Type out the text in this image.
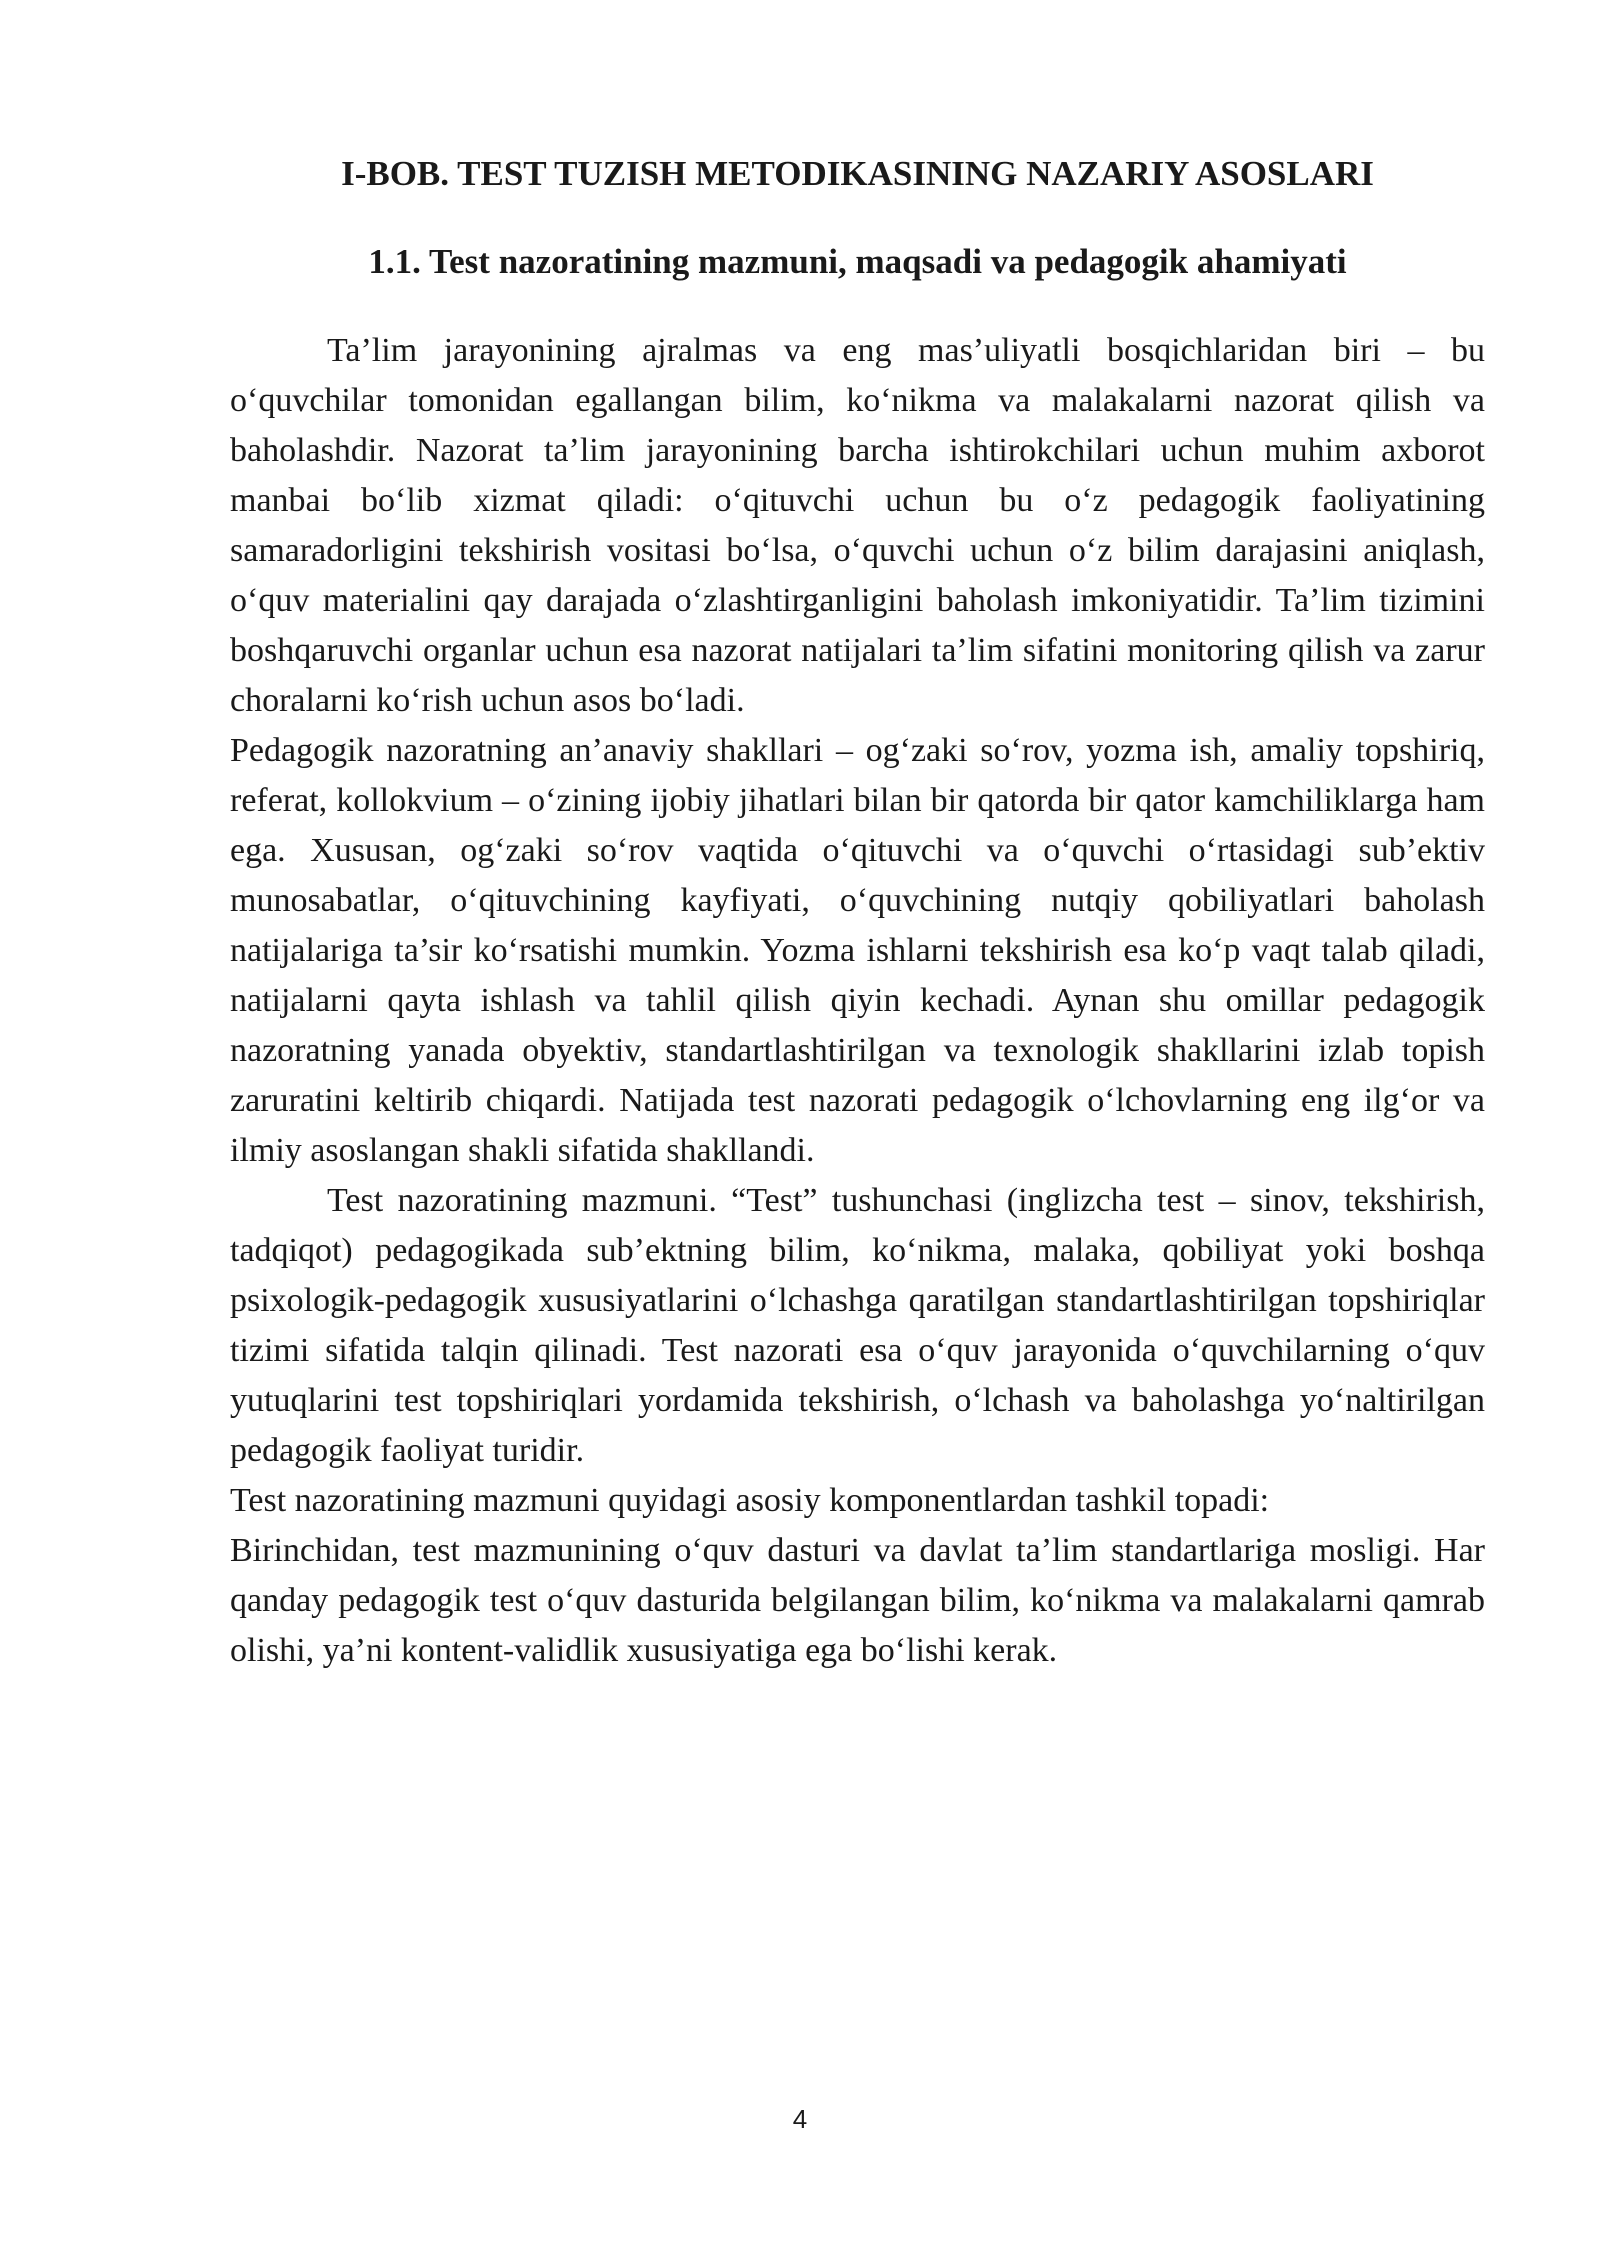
I-BOB. TEST TUZISH METODIKASINING NAZARIY ASOSLARI
1.1. Test nazoratining mazmuni, maqsadi va pedagogik ahamiyati

Ta’lim jarayonining ajralmas va eng mas’uliyatli bosqichlaridan biri – bu o‘quvchilar tomonidan egallangan bilim, ko‘nikma va malakalarni nazorat qilish va baholashdir. Nazorat ta’lim jarayonining barcha ishtirokchilari uchun muhim axborot manbai bo‘lib xizmat qiladi: o‘qituvchi uchun bu o‘z pedagogik faoliyatining samaradorligini tekshirish vositasi bo‘lsa, o‘quvchi uchun o‘z bilim darajasini aniqlash, o‘quv materialini qay darajada o‘zlashtirganligini baholash imkoniyatidir. Ta’lim tizimini boshqaruvchi organlar uchun esa nazorat natijalari ta’lim sifatini monitoring qilish va zarur choralarni ko‘rish uchun asos bo‘ladi.

Pedagogik nazoratning an’anaviy shakllari – og‘zaki so‘rov, yozma ish, amaliy topshiriq, referat, kollokvium – o‘zining ijobiy jihatlari bilan bir qatorda bir qator kamchiliklarga ham ega. Xususan, og‘zaki so‘rov vaqtida o‘qituvchi va o‘quvchi o‘rtasidagi sub’ektiv munosabatlar, o‘qituvchining kayfiyati, o‘quvchining nutqiy qobiliyatlari baholash natijalariga ta’sir ko‘rsatishi mumkin. Yozma ishlarni tekshirish esa ko‘p vaqt talab qiladi, natijalarni qayta ishlash va tahlil qilish qiyin kechadi. Aynan shu omillar pedagogik nazoratning yanada obyektiv, standartlashtirilgan va texnologik shakllarini izlab topish zaruratini keltirib chiqardi. Natijada test nazorati pedagogik o‘lchovlarning eng ilg‘or va ilmiy asoslangan shakli sifatida shakllandi.

Test nazoratining mazmuni. “Test” tushunchasi (inglizcha test – sinov, tekshirish, tadqiqot) pedagogikada sub’ektning bilim, ko‘nikma, malaka, qobiliyat yoki boshqa psixologik-pedagogik xususiyatlarini o‘lchashga qaratilgan standartlashtirilgan topshiriqlar tizimi sifatida talqin qilinadi. Test nazorati esa o‘quv jarayonida o‘quvchilarning o‘quv yutuqlarini test topshiriqlari yordamida tekshirish, o‘lchash va baholashga yo‘naltirilgan pedagogik faoliyat turidir.

Test nazoratining mazmuni quyidagi asosiy komponentlardan tashkil topadi:

Birinchidan, test mazmunining o‘quv dasturi va davlat ta’lim standartlariga mosligi. Har qanday pedagogik test o‘quv dasturida belgilangan bilim, ko‘nikma va malakalarni qamrab olishi, ya’ni kontent-validlik xususiyatiga ega bo‘lishi kerak.

4
